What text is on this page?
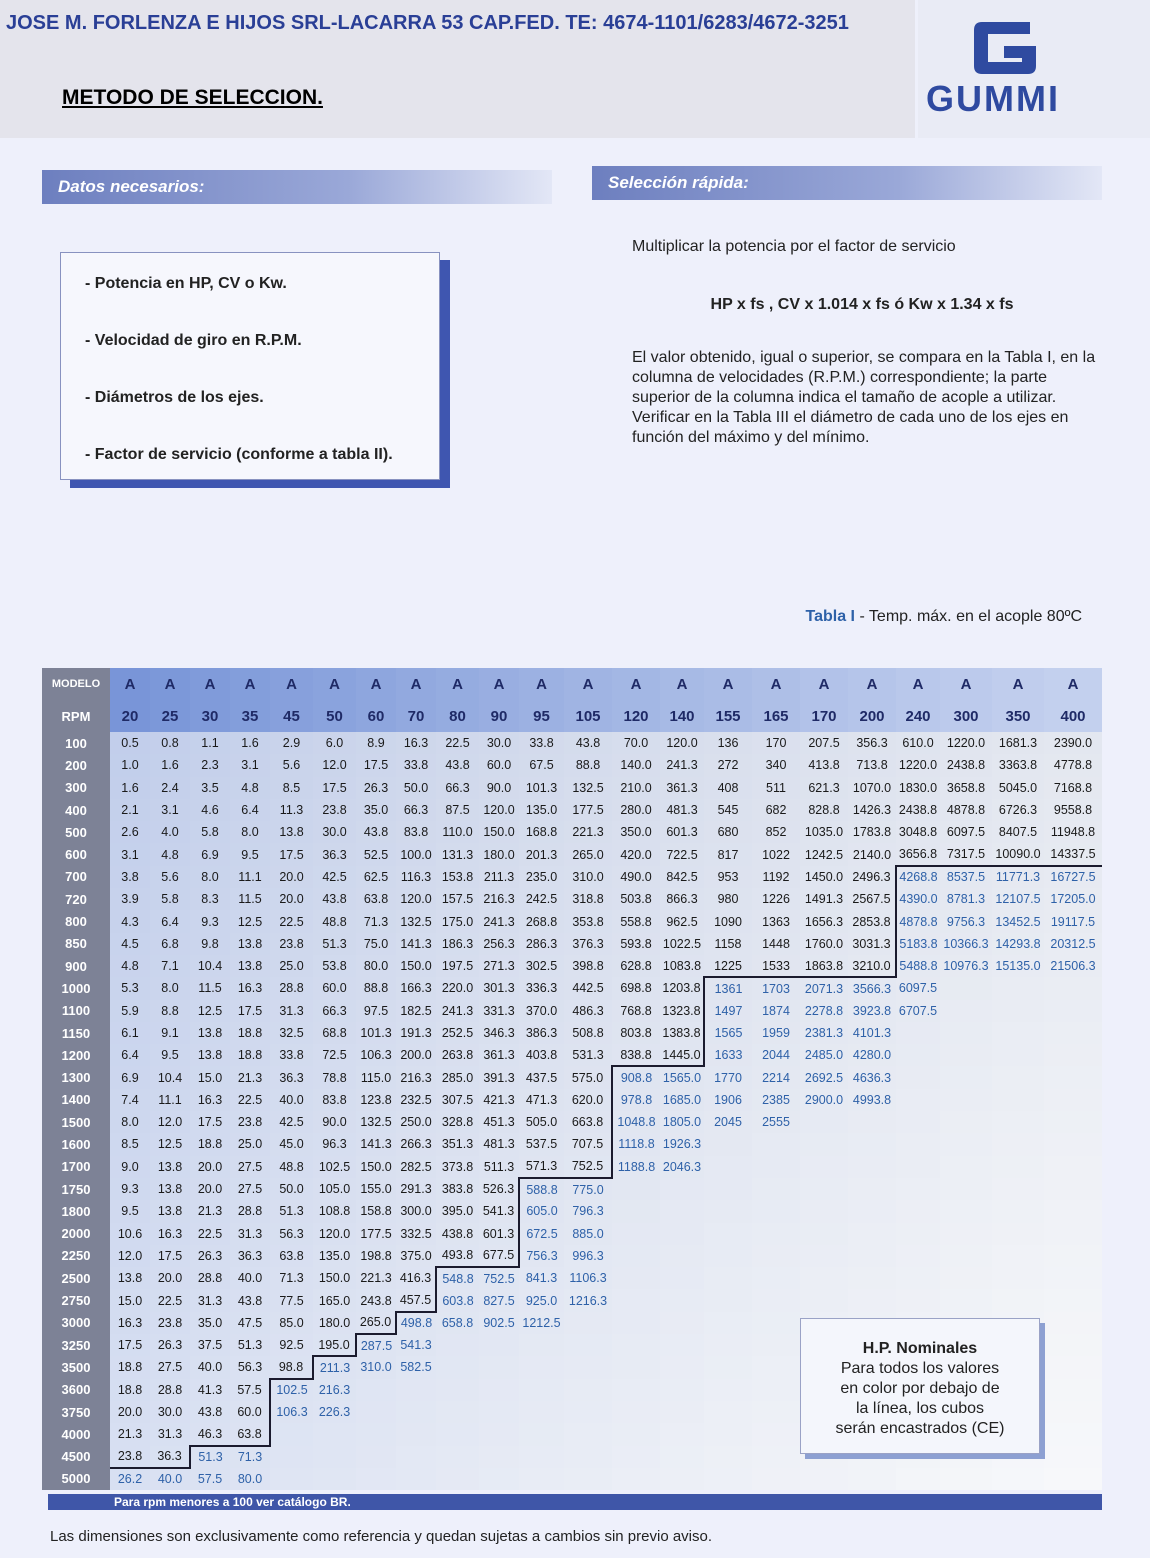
JOSE M. FORLENZA E HIJOS SRL-LACARRA 53 CAP.FED. TE: 4674-1101/6283/4672-3251
METODO DE SELECCION.	GUMMI
Datos necesarios:	Selección rápida:
- Potencia en HP, CV o Kw.
- Velocidad de giro en R.P.M.
- Diámetros de los ejes.
- Factor de servicio (conforme a tabla II).
Multiplicar la potencia por el factor de servicio
HP x fs , CV x 1.014 x fs ó Kw x 1.34 x fs
El valor obtenido, igual o superior, se compara en la Tabla I, en la columna de velocidades (R.P.M.) correspondiente; la parte superior de la columna indica el tamaño de acople a utilizar. Verificar en la Tabla III el diámetro de cada uno de los ejes en función del máximo y del mínimo.
Tabla I - Temp. máx. en el acople 80ºC
MODELO	A	A	A	A	A	A	A	A	A	A	A	A	A	A	A	A	A	A	A	A	A	A
RPM	20	25	30	35	45	50	60	70	80	90	95	105	120	140	155	165	170	200	240	300	350	400
100	0.5	0.8	1.1	1.6	2.9	6.0	8.9	16.3	22.5	30.0	33.8	43.8	70.0	120.0	136	170	207.5	356.3	610.0	1220.0	1681.3	2390.0
200	1.0	1.6	2.3	3.1	5.6	12.0	17.5	33.8	43.8	60.0	67.5	88.8	140.0	241.3	272	340	413.8	713.8	1220.0	2438.8	3363.8	4778.8
300	1.6	2.4	3.5	4.8	8.5	17.5	26.3	50.0	66.3	90.0	101.3	132.5	210.0	361.3	408	511	621.3	1070.0	1830.0	3658.8	5045.0	7168.8
400	2.1	3.1	4.6	6.4	11.3	23.8	35.0	66.3	87.5	120.0	135.0	177.5	280.0	481.3	545	682	828.8	1426.3	2438.8	4878.8	6726.3	9558.8
500	2.6	4.0	5.8	8.0	13.8	30.0	43.8	83.8	110.0	150.0	168.8	221.3	350.0	601.3	680	852	1035.0	1783.8	3048.8	6097.5	8407.5	11948.8
600	3.1	4.8	6.9	9.5	17.5	36.3	52.5	100.0	131.3	180.0	201.3	265.0	420.0	722.5	817	1022	1242.5	2140.0	3656.8	7317.5	10090.0	14337.5
700	3.8	5.6	8.0	11.1	20.0	42.5	62.5	116.3	153.8	211.3	235.0	310.0	490.0	842.5	953	1192	1450.0	2496.3	4268.8	8537.5	11771.3	16727.5
720	3.9	5.8	8.3	11.5	20.0	43.8	63.8	120.0	157.5	216.3	242.5	318.8	503.8	866.3	980	1226	1491.3	2567.5	4390.0	8781.3	12107.5	17205.0
800	4.3	6.4	9.3	12.5	22.5	48.8	71.3	132.5	175.0	241.3	268.8	353.8	558.8	962.5	1090	1363	1656.3	2853.8	4878.8	9756.3	13452.5	19117.5
850	4.5	6.8	9.8	13.8	23.8	51.3	75.0	141.3	186.3	256.3	286.3	376.3	593.8	1022.5	1158	1448	1760.0	3031.3	5183.8	10366.3	14293.8	20312.5
900	4.8	7.1	10.4	13.8	25.0	53.8	80.0	150.0	197.5	271.3	302.5	398.8	628.8	1083.8	1225	1533	1863.8	3210.0	5488.8	10976.3	15135.0	21506.3
1000	5.3	8.0	11.5	16.3	28.8	60.0	88.8	166.3	220.0	301.3	336.3	442.5	698.8	1203.8	1361	1703	2071.3	3566.3	6097.5			
1100	5.9	8.8	12.5	17.5	31.3	66.3	97.5	182.5	241.3	331.3	370.0	486.3	768.8	1323.8	1497	1874	2278.8	3923.8	6707.5			
1150	6.1	9.1	13.8	18.8	32.5	68.8	101.3	191.3	252.5	346.3	386.3	508.8	803.8	1383.8	1565	1959	2381.3	4101.3				
1200	6.4	9.5	13.8	18.8	33.8	72.5	106.3	200.0	263.8	361.3	403.8	531.3	838.8	1445.0	1633	2044	2485.0	4280.0				
1300	6.9	10.4	15.0	21.3	36.3	78.8	115.0	216.3	285.0	391.3	437.5	575.0	908.8	1565.0	1770	2214	2692.5	4636.3				
1400	7.4	11.1	16.3	22.5	40.0	83.8	123.8	232.5	307.5	421.3	471.3	620.0	978.8	1685.0	1906	2385	2900.0	4993.8				
1500	8.0	12.0	17.5	23.8	42.5	90.0	132.5	250.0	328.8	451.3	505.0	663.8	1048.8	1805.0	2045	2555						
1600	8.5	12.5	18.8	25.0	45.0	96.3	141.3	266.3	351.3	481.3	537.5	707.5	1118.8	1926.3								
1700	9.0	13.8	20.0	27.5	48.8	102.5	150.0	282.5	373.8	511.3	571.3	752.5	1188.8	2046.3								
1750	9.3	13.8	20.0	27.5	50.0	105.0	155.0	291.3	383.8	526.3	588.8	775.0										
1800	9.5	13.8	21.3	28.8	51.3	108.8	158.8	300.0	395.0	541.3	605.0	796.3										
2000	10.6	16.3	22.5	31.3	56.3	120.0	177.5	332.5	438.8	601.3	672.5	885.0										
2250	12.0	17.5	26.3	36.3	63.8	135.0	198.8	375.0	493.8	677.5	756.3	996.3										
2500	13.8	20.0	28.8	40.0	71.3	150.0	221.3	416.3	548.8	752.5	841.3	1106.3										
2750	15.0	22.5	31.3	43.8	77.5	165.0	243.8	457.5	603.8	827.5	925.0	1216.3										
3000	16.3	23.8	35.0	47.5	85.0	180.0	265.0	498.8	658.8	902.5	1212.5											
3250	17.5	26.3	37.5	51.3	92.5	195.0	287.5	541.3														
3500	18.8	27.5	40.0	56.3	98.8	211.3	310.0	582.5														
3600	18.8	28.8	41.3	57.5	102.5	216.3																
3750	20.0	30.0	43.8	60.0	106.3	226.3																
4000	21.3	31.3	46.3	63.8																		
4500	23.8	36.3	51.3	71.3																		
5000	26.2	40.0	57.5	80.0																		
H.P. Nominales
Para todos los valores
en color por debajo de
la línea, los cubos
serán encastrados (CE)
Para rpm menores a 100 ver catálogo BR.
Las dimensiones son exclusivamente como referencia y quedan sujetas a cambios sin previo aviso.
